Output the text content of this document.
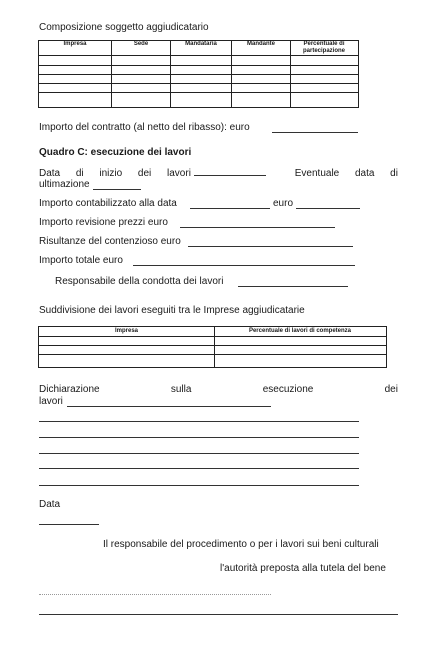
Composizione soggetto aggiudicatario
Impresa	Sede	Mandataria	Mandante	Percentuale di partecipazione
Importo del contratto (al netto del ribasso): euro
Quadro C: esecuzione dei lavori
Data di inizio dei lavori	Eventuale data di
ultimazione
Importo contabilizzato alla data	euro
Importo revisione prezzi euro
Risultanze del contenzioso euro
Importo totale euro
Responsabile della condotta dei lavori
Suddivisione dei lavori eseguiti tra le Imprese aggiudicatarie
Impresa	Percentuale di lavori di competenza
Dichiarazione	sulla	esecuzione	dei
lavori
Data
Il responsabile del procedimento o per i lavori sui beni culturali
l'autorità preposta alla tutela del bene
